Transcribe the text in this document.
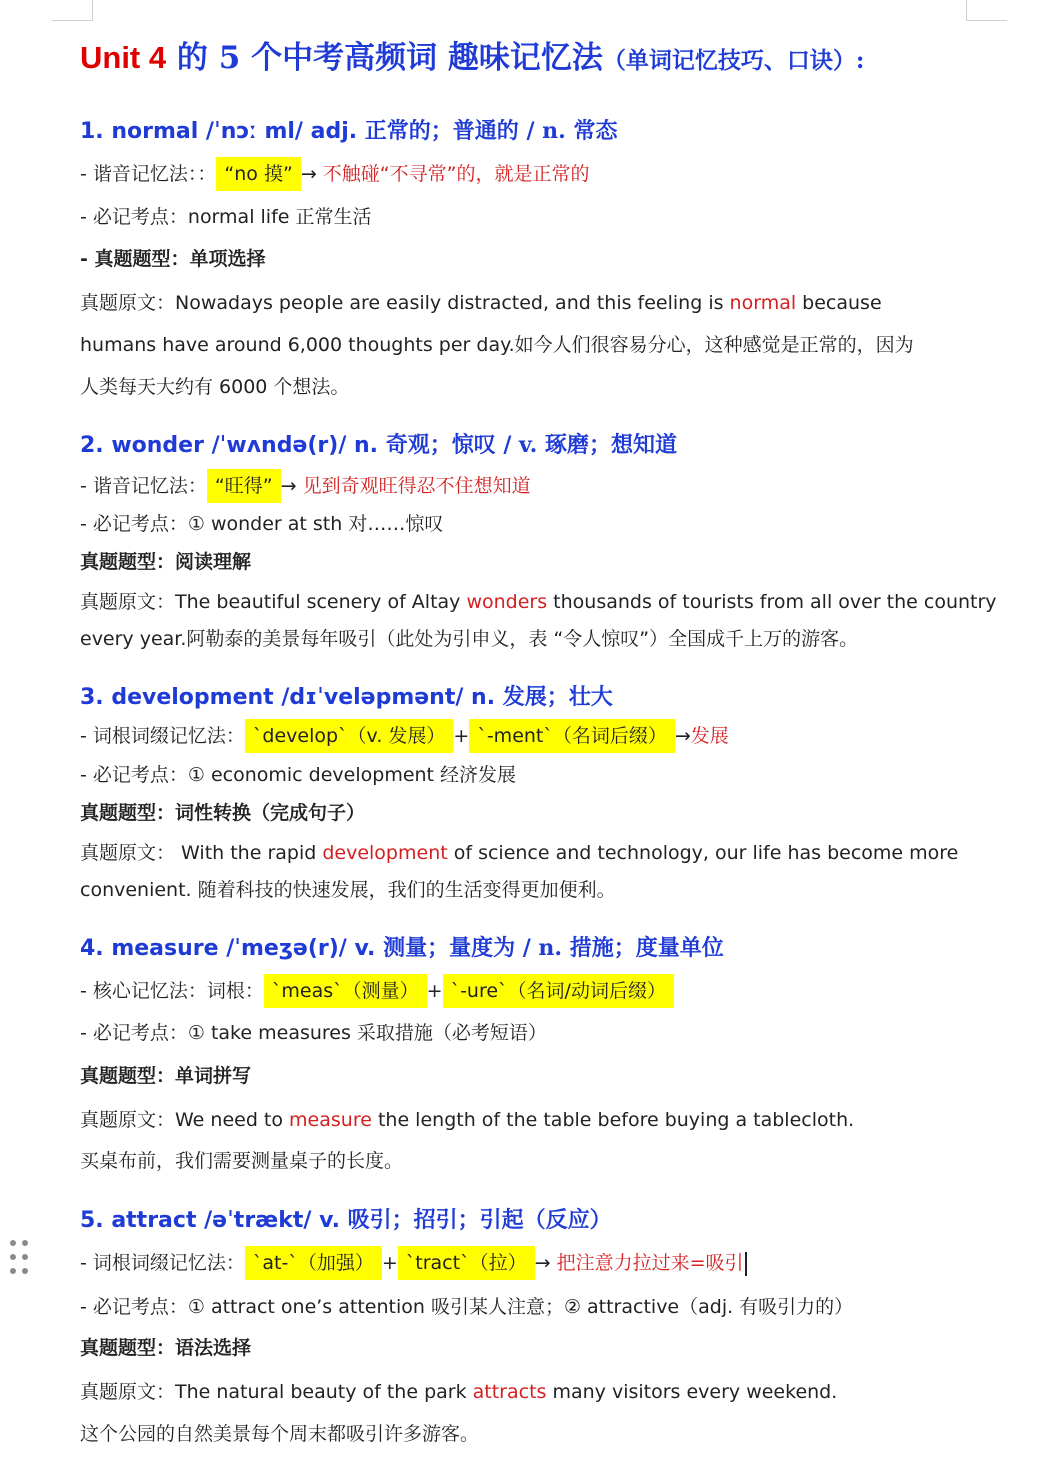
Unit 4 的 5 个中考高频词 趣味记忆法（单词记忆技巧、口诀）:
1. normal /ˈnɔː ml/ adj. 正常的；普通的 / n. 常态
- 谐音记忆法：： “no 摸” → 不触碰“不寻常”的，就是正常的
- 必记考点：normal life 正常生活
- 真题题型：单项选择
真题原文：Nowadays people are easily distracted, and this feeling is normal because
humans have around 6,000 thoughts per day.如今人们很容易分心，这种感觉是正常的，因为
人类每天大约有 6000 个想法。
2. wonder /ˈwʌndə(r)/ n. 奇观；惊叹 / v. 琢磨；想知道
- 谐音记忆法： “旺得” → 见到奇观旺得忍不住想知道
- 必记考点：① wonder at sth 对……惊叹
真题题型：阅读理解
真题原文：The beautiful scenery of Altay wonders thousands of tourists from all over the country
every year.阿勒泰的美景每年吸引（此处为引申义，表 “令人惊叹”）全国成千上万的游客。
3. development /dɪˈveləpmənt/ n. 发展；壮大
- 词根词缀记忆法： `develop`（v. 发展） + `-ment`（名词后缀） →发展
- 必记考点：① economic development 经济发展
真题题型：词性转换（完成句子）
真题原文： With the rapid development of science and technology, our life has become more
convenient. 随着科技的快速发展，我们的生活变得更加便利。
4. measure /ˈmeʒə(r)/ v. 测量；量度为 / n. 措施；度量单位
- 核心记忆法：词根： `meas`（测量） + `-ure`（名词/动词后缀）
- 必记考点：① take measures 采取措施（必考短语）
真题题型：单词拼写
真题原文：We need to measure the length of the table before buying a tablecloth.
买桌布前，我们需要测量桌子的长度。
5. attract /əˈtrækt/ v. 吸引；招引；引起（反应）
- 词根词缀记忆法： `at-`（加强） + `tract`（拉） → 把注意力拉过来=吸引
- 必记考点：① attract one’s attention 吸引某人注意；② attractive（adj. 有吸引力的）
真题题型：语法选择
真题原文：The natural beauty of the park attracts many visitors every weekend.
这个公园的自然美景每个周末都吸引许多游客。
